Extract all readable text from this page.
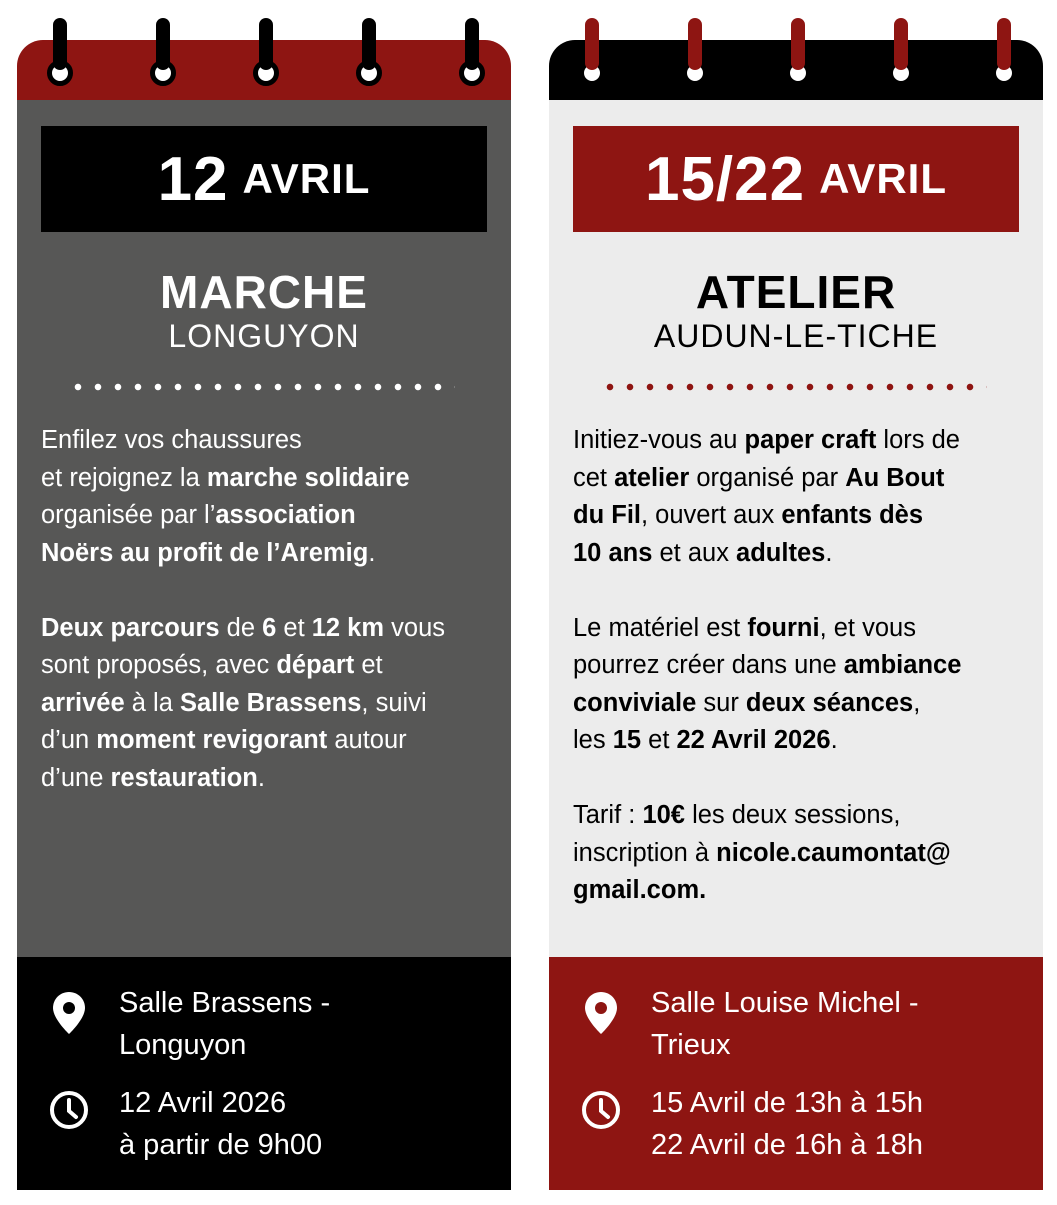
12 AVRIL
MARCHE
LONGUYON

Enfilez vos chaussures
et rejoignez la marche solidaire
organisée par l’association
Noërs au profit de l’Aremig.

Deux parcours de 6 et 12 km vous
sont proposés, avec départ et
arrivée à la Salle Brassens, suivi
d’un moment revigorant autour
d’une restauration.

Salle Brassens -
Longuyon
12 Avril 2026
à partir de 9h00
15/22 AVRIL
ATELIER
AUDUN-LE-TICHE

Initiez-vous au paper craft lors de
cet atelier organisé par Au Bout
du Fil, ouvert aux enfants dès
10 ans et aux adultes.

Le matériel est fourni, et vous
pourrez créer dans une ambiance
conviviale sur deux séances,
les 15 et 22 Avril 2026.

Tarif : 10€ les deux sessions,
inscription à nicole.caumontat@
gmail.com.

Salle Louise Michel -
Trieux
15 Avril de 13h à 15h
22 Avril de 16h à 18h
